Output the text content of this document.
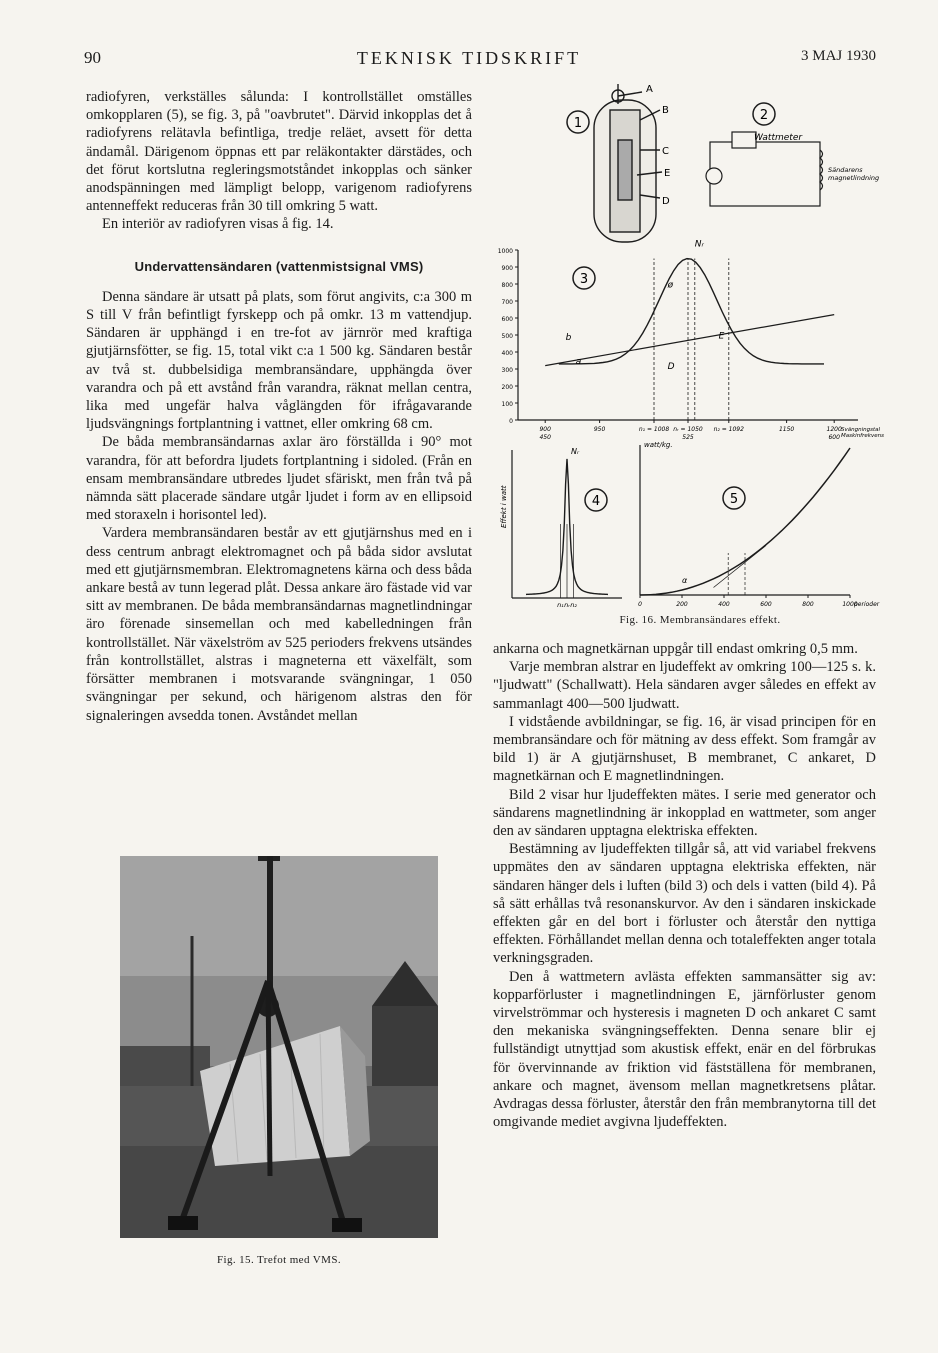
90	TEKNISK TIDSKRIFT	3 MAJ 1930

radiofyren, verkställes sålunda: I kontrollstället omställes omkopplaren (5), se fig. 3, på "oavbrutet". Därvid inkopplas det å radiofyrens relätavla befintliga, tredje reläet, avsett för detta ändamål. Därigenom öppnas ett par reläkontakter därstädes, och det förut kortslutna regleringsmotståndet inkopplas och sänker anodspänningen med lämpligt belopp, varigenom radiofyrens antenneffekt reduceras från 30 till omkring 5 watt.

En interiör av radiofyren visas å fig. 14.

Undervattensändaren (vattenmistsignal VMS)

Denna sändare är utsatt på plats, som förut angivits, c:a 300 m S till V från befintligt fyrskepp och på omkr. 13 m vattendjup. Sändaren är upphängd i en tre-fot av järnrör med kraftiga gjutjärnsfötter, se fig. 15, total vikt c:a 1 500 kg. Sändaren består av två st. dubbelsidiga membransändare, upphängda över varandra och på ett avstånd från varandra, räknat mellan centra, lika med ungefär halva våglängden för ifrågavarande ljudsvängnings fortplantning i vattnet, eller omkring 68 cm.

De båda membransändarnas axlar äro förställda i 90° mot varandra, för att befordra ljudets fortplantning i sidoled. (Från en ensam membransändare utbredes ljudet sfäriskt, men från två på nämnda sätt placerade sändare utgår ljudet i form av en ellipsoid med storaxeln i horisontel led).

Vardera membransändaren består av ett gjutjärnshus med en i dess centrum anbragt elektromagnet och på båda sidor avslutat med ett gjutjärnsmembran. Elektromagnetens kärna och dess båda ankare bestå av tunn legerad plåt. Dessa ankare äro fästade vid var sitt av membranen. De båda membransändarnas magnetlindningar äro förenade sinsemellan och med kabelledningen från kontrollstället. När växelström av 525 perioders frekvens utsändes från kontrollstället, alstras i magneterna ett växelfält, som försätter membranen i motsvarande svängningar, 1 050 svängningar per sekund, och härigenom alstras den för signaleringen avsedda tonen. Avståndet mellan

Fig. 15. Trefot med VMS.
1
A
B
C
E
D
2
Wattmeter
Sändarens
magnetlindning
1000
900
800
700
600
500
400
300
200
100
0
900	950	n₁ = 1008 nᵣ = 1050 n₂ = 1092	1150	1200
450	525	600
Svängningstal
Maskinfrekvens
Nᵣ
b
a
E
D
ø
3
Effekt i watt
Nᵣ
n₁ nᵣ n₂
4
watt/kg.
0	200	400	600	800	1000
perioder
α
5
Fig. 16. Membransändares effekt.

ankarna och magnetkärnan uppgår till endast omkring 0,5 mm.

Varje membran alstrar en ljudeffekt av omkring 100—125 s. k. "ljudwatt" (Schallwatt). Hela sändaren avger således en effekt av sammanlagt 400—500 ljudwatt.

I vidstående avbildningar, se fig. 16, är visad principen för en membransändare och för mätning av dess effekt. Som framgår av bild 1) är A gjutjärnshuset, B membranet, C ankaret, D magnetkärnan och E magnetlindningen.

Bild 2 visar hur ljudeffekten mätes. I serie med generator och sändarens magnetlindning är inkopplad en wattmeter, som anger den av sändaren upptagna elektriska effekten.

Bestämning av ljudeffekten tillgår så, att vid variabel frekvens uppmätes den av sändaren upptagna elektriska effekten, när sändaren hänger dels i luften (bild 3) och dels i vatten (bild 4). På så sätt erhållas två resonanskurvor. Av den i sändaren inskickade effekten går en del bort i förluster och återstår den nyttiga effekten. Förhållandet mellan denna och totaleffekten anger totala verkningsgraden.

Den å wattmetern avlästa effekten sammansätter sig av: kopparförluster i magnetlindningen E, järnförluster genom virvelströmmar och hysteresis i magneten D och ankaret C samt den mekaniska svängningseffekten. Denna senare blir ej fullständigt utnyttjad som akustisk effekt, enär en del förbrukas för övervinnande av friktion vid fästställena för membranen, ankare och magnet, ävensom mellan magnetkretsens plåtar. Avdragas dessa förluster, återstår den från membranytorna till det omgivande mediet avgivna ljudeffekten.
